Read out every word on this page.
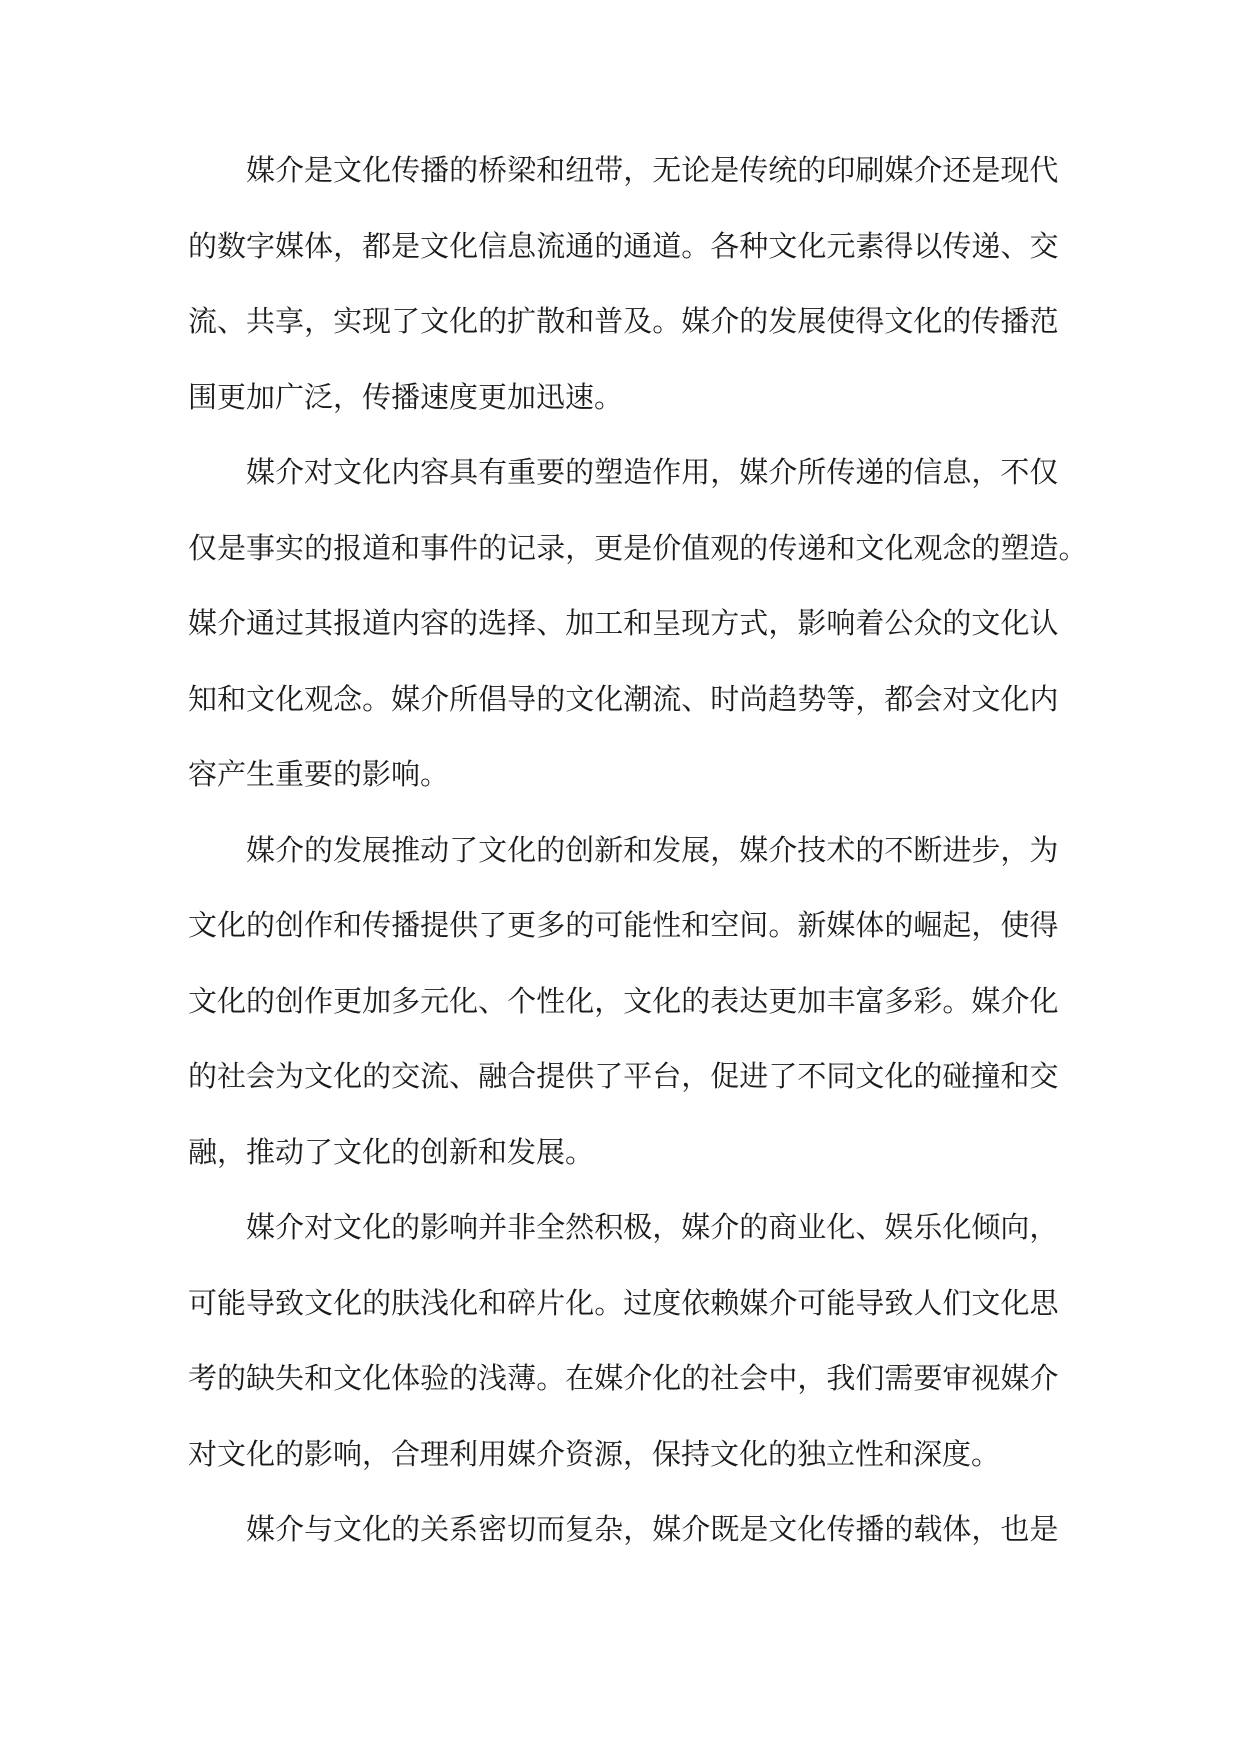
媒 介 是 文 化 传 播 的 桥 梁 和 纽 带 ， 无 论 是 传 统 的 印 刷 媒 介 还 是 现 代
的 数 字 媒 体 ， 都 是 文 化 信 息 流 通 的 通 道 。 各 种 文 化 元 素 得 以 传 递 、 交
流 、 共 享 ， 实 现 了 文 化 的 扩 散 和 普 及 。 媒 介 的 发 展 使 得 文 化 的 传 播 范
围更加广泛，传播速度更加迅速。
媒 介 对 文 化 内 容 具 有 重 要 的 塑 造 作 用 ， 媒 介 所 传 递 的 信 息 ， 不 仅
仅 是 事 实 的 报 道 和 事 件 的 记 录 ， 更 是 价 值 观 的 传 递 和 文 化 观 念 的 塑 造 。
媒 介 通 过 其 报 道 内 容 的 选 择 、 加 工 和 呈 现 方 式 ， 影 响 着 公 众 的 文 化 认
知 和 文 化 观 念 。 媒 介 所 倡 导 的 文 化 潮 流 、 时 尚 趋 势 等 ， 都 会 对 文 化 内
容产生重要的影响。
媒 介 的 发 展 推 动 了 文 化 的 创 新 和 发 展 ， 媒 介 技 术 的 不 断 进 步 ， 为
文 化 的 创 作 和 传 播 提 供 了 更 多 的 可 能 性 和 空 间 。 新 媒 体 的 崛 起 ， 使 得
文 化 的 创 作 更 加 多 元 化 、 个 性 化 ， 文 化 的 表 达 更 加 丰 富 多 彩 。 媒 介 化
的 社 会 为 文 化 的 交 流 、 融 合 提 供 了 平 台 ， 促 进 了 不 同 文 化 的 碰 撞 和 交
融，推动了文化的创新和发展。
媒 介 对 文 化 的 影 响 并 非 全 然 积 极 ， 媒 介 的 商 业 化 、 娱 乐 化 倾 向 ，
可 能 导 致 文 化 的 肤 浅 化 和 碎 片 化 。 过 度 依 赖 媒 介 可 能 导 致 人 们 文 化 思
考 的 缺 失 和 文 化 体 验 的 浅 薄 。 在 媒 介 化 的 社 会 中 ， 我 们 需 要 审 视 媒 介
对文化的影响，合理利用媒介资源，保持文化的独立性和深度。
媒 介 与 文 化 的 关 系 密 切 而 复 杂 ， 媒 介 既 是 文 化 传 播 的 载 体 ， 也 是
